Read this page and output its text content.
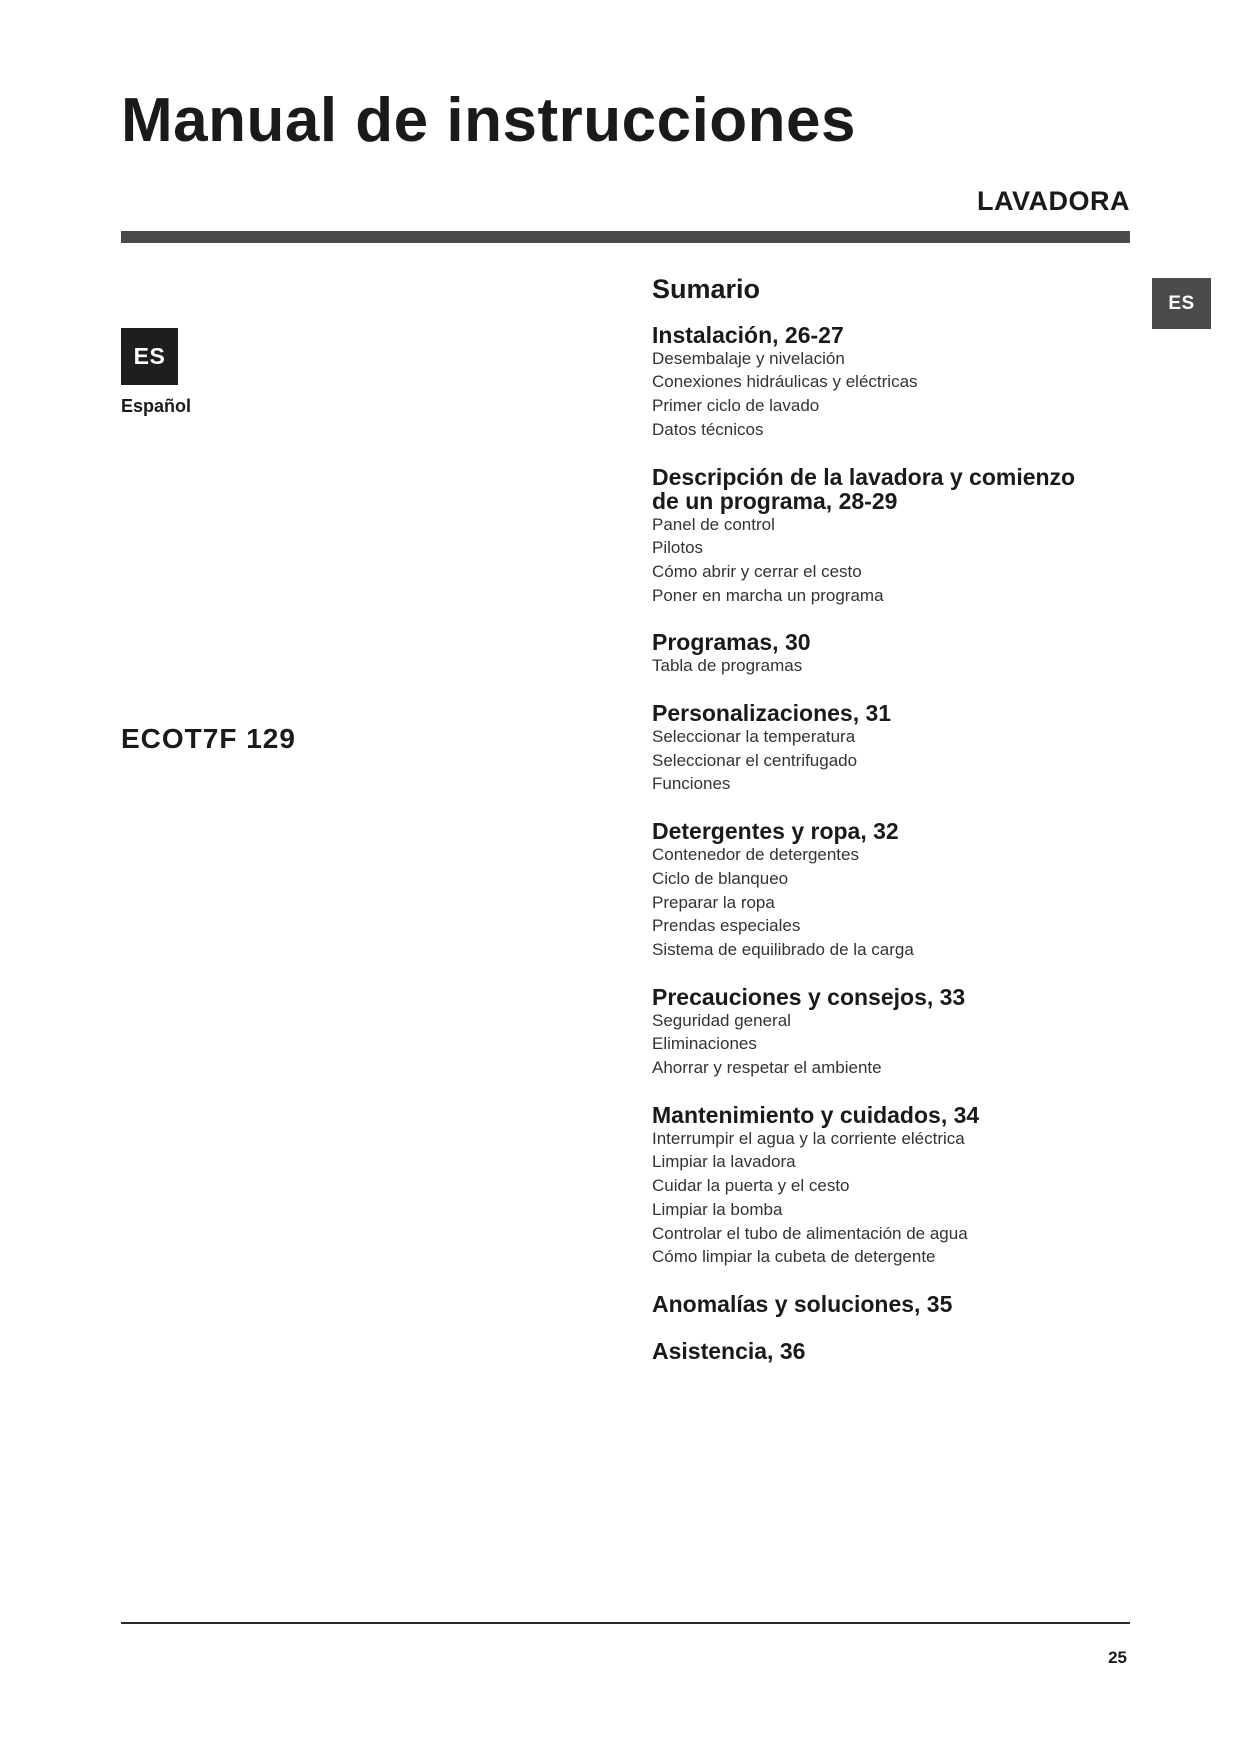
Manual de instrucciones
LAVADORA
ES
ES
Español
ECOT7F 129
Sumario
Instalación, 26-27
Desembalaje y nivelación
Conexiones hidráulicas y eléctricas
Primer ciclo de lavado
Datos técnicos
Descripción de la lavadora y comienzo
de un programa, 28-29
Panel de control
Pilotos
Cómo abrir y cerrar el cesto
Poner en marcha un programa
Programas, 30
Tabla de programas
Personalizaciones, 31
Seleccionar la temperatura
Seleccionar el centrifugado
Funciones
Detergentes y ropa, 32
Contenedor de detergentes
Ciclo de blanqueo
Preparar la ropa
Prendas especiales
Sistema de equilibrado de la carga
Precauciones y consejos, 33
Seguridad general
Eliminaciones
Ahorrar y respetar el ambiente
Mantenimiento y cuidados, 34
Interrumpir el agua y la corriente eléctrica
Limpiar la lavadora
Cuidar la puerta y el cesto
Limpiar la bomba
Controlar el tubo de alimentación de agua
Cómo limpiar la cubeta de detergente
Anomalías y soluciones, 35
Asistencia, 36
25
